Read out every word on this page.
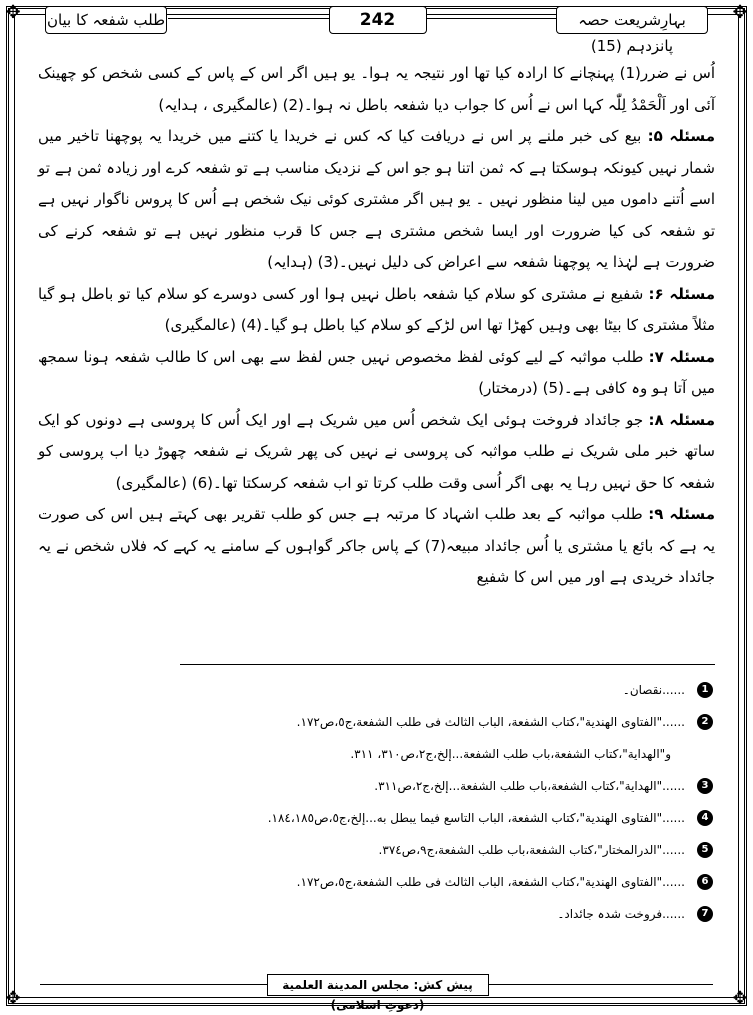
✥	✥
✥	✥
بہارِشریعت حصہ پانزدہم (15)
242
طلب شفعہ کا بیان

اُس نے ضرر(1) پہنچانے کا ارادہ کیا تھا اور نتیجہ یہ ہوا۔ یو ہیں اگر اس کے پاس کے کسی شخص کو چھینک آئی اور اَلْحَمْدُ لِلّٰہ کہا اس نے اُس کا جواب دیا شفعہ باطل نہ ہوا۔(2) (عالمگیری ، ہدایہ)

مسئلہ ۵: بیع کی خبر ملنے پر اس نے دریافت کیا کہ کس نے خریدا یا کتنے میں خریدا یہ پوچھنا تاخیر میں شمار نہیں کیونکہ ہوسکتا ہے کہ ثمن اتنا ہو جو اس کے نزدیک مناسب ہے تو شفعہ کرے اور زیادہ ثمن ہے تو اسے اُتنے داموں میں لینا منظور نہیں ۔ یو ہیں اگر مشتری کوئی نیک شخص ہے اُس کا پروس ناگوار نہیں ہے تو شفعہ کی کیا ضرورت اور ایسا شخص مشتری ہے جس کا قرب منظور نہیں ہے تو شفعہ کرنے کی ضرورت ہے لہٰذا یہ پوچھنا شفعہ سے اعراض کی دلیل نہیں۔(3) (ہدایہ)

مسئلہ ۶: شفیع نے مشتری کو سلام کیا شفعہ باطل نہیں ہوا اور کسی دوسرے کو سلام کیا تو باطل ہو گیا مثلاً مشتری کا بیٹا بھی وہیں کھڑا تھا اس لڑکے کو سلام کیا باطل ہو گیا۔(4) (عالمگیری)

مسئلہ ۷: طلب مواثبہ کے لیے کوئی لفظ مخصوص نہیں جس لفظ سے بھی اس کا طالب شفعہ ہونا سمجھ میں آتا ہو وہ کافی ہے۔(5) (درمختار)

مسئلہ ۸: جو جائداد فروخت ہوئی ایک شخص اُس میں شریک ہے اور ایک اُس کا پروسی ہے دونوں کو ایک ساتھ خبر ملی شریک نے طلب مواثبہ کی پروسی نے نہیں کی پھر شریک نے شفعہ چھوڑ دیا اب پروسی کو شفعہ کا حق نہیں رہا یہ بھی اگر اُسی وقت طلب کرتا تو اب شفعہ کرسکتا تھا۔(6) (عالمگیری)

مسئلہ ۹: طلب مواثبہ کے بعد طلب اشہاد کا مرتبہ ہے جس کو طلب تقریر بھی کہتے ہیں اس کی صورت یہ ہے کہ بائع یا مشتری یا اُس جائداد مبیعہ(7) کے پاس جاکر گواہوں کے سامنے یہ کہے کہ فلاں شخص نے یہ جائداد خریدی ہے اور میں اس کا شفیع

1
......نقصان۔
2
......"الفتاوى الهندية"،كتاب الشفعة، الباب الثالث فى طلب الشفعة،ج٥،ص١٧٢.
و"الهداية"،كتاب الشفعة،باب طلب الشفعة...إلخ،ج٢،ص٣١٠، ٣١١.
3
......"الهداية"،كتاب الشفعة،باب طلب الشفعة...إلخ،ج٢،ص٣١١.
4
......"الفتاوى الهندية"،كتاب الشفعة، الباب التاسع فيما يبطل به...إلخ،ج٥،ص١٨٤،١٨٥.
5
......"الدرالمختار"،كتاب الشفعة،باب طلب الشفعة،ج٩،ص٣٧٤.
6
......"الفتاوى الهندية"،كتاب الشفعة، الباب الثالث فى طلب الشفعة،ج٥،ص١٧٢.
7
......فروخت شدہ جائداد۔
پیش کش: مجلس المدينة العلمية (دعوتِ اسلامی)
